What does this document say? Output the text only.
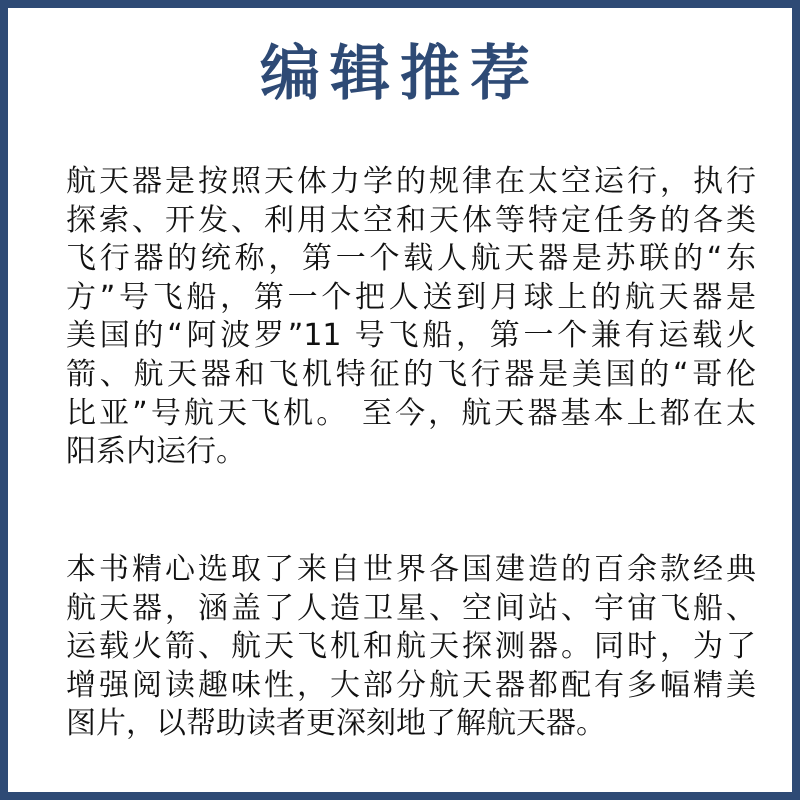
编辑推荐
航天器是按照天体力学的规律在太空运行，执行
探索、开发、利用太空和天体等特定任务的各类
飞行器的统称，第一个载人航天器是苏联的“东
方”号飞船，第一个把人送到月球上的航天器是
美国的“阿波罗”11 号飞船，第一个兼有运载火
箭、航天器和飞机特征的飞行器是美国的“哥伦
比亚”号航天飞机。 至今，航天器基本上都在太
阳系内运行。
本书精心选取了来自世界各国建造的百余款经典
航天器，涵盖了人造卫星、空间站、宇宙飞船、
运载火箭、航天飞机和航天探测器。同时，为了
增强阅读趣味性，大部分航天器都配有多幅精美
图片，以帮助读者更深刻地了解航天器。
